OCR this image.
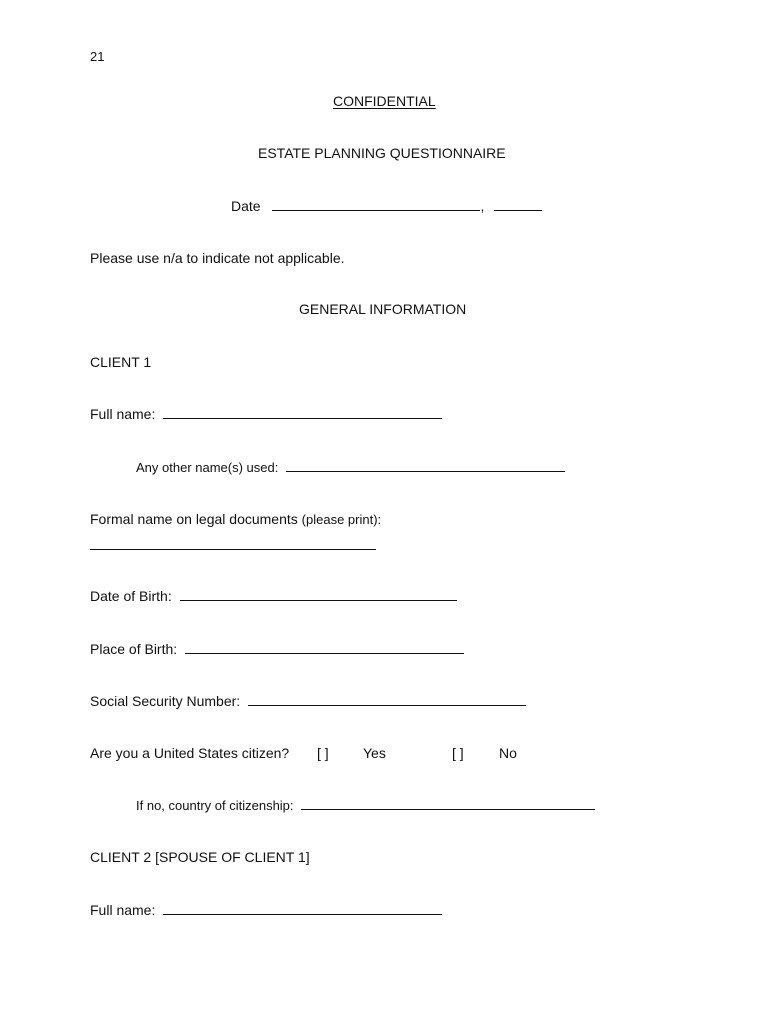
21
CONFIDENTIAL
ESTATE PLANNING QUESTIONNAIRE
Date	,
Please use n/a to indicate not applicable.
GENERAL INFORMATION
CLIENT 1
Full name:
Any other name(s) used:
Formal name on legal documents (please print):
Date of Birth:
Place of Birth:
Social Security Number:
Are you a United States citizen? [ ] Yes	[ ]	No
If no, country of citizenship:
CLIENT 2 [SPOUSE OF CLIENT 1]
Full name:
